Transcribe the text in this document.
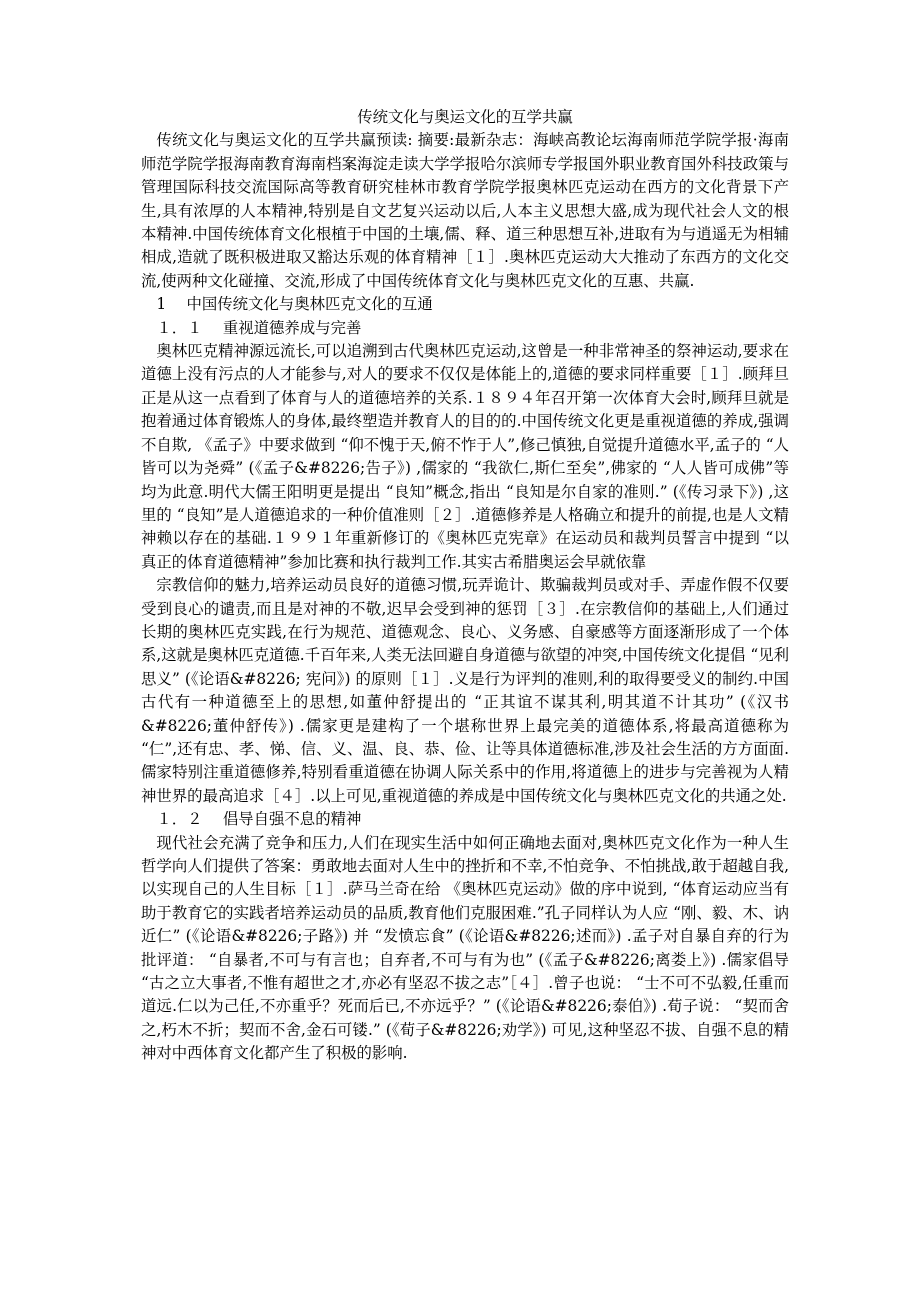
传统文化与奥运文化的互学共赢

传统文化与奥运文化的互学共赢预读: 摘要:最新杂志：海峡高教论坛海南师范学院学报·海南师范学院学报海南教育海南档案海淀走读大学学报哈尔滨师专学报国外职业教育国外科技政策与管理国际科技交流国际高等教育研究桂林市教育学院学报奥林匹克运动在西方的文化背景下产生,具有浓厚的人本精神,特别是自文艺复兴运动以后,人本主义思想大盛,成为现代社会人文的根本精神.中国传统体育文化根植于中国的土壤,儒、释、道三种思想互补,进取有为与逍遥无为相辅相成,造就了既积极进取又豁达乐观的体育精神［１］.奥林匹克运动大大推动了东西方的文化交流,使两种文化碰撞、交流,形成了中国传统体育文化与奥林匹克文化的互惠、共赢.

1　 中国传统文化与奥林匹克文化的互通

１．１　 重视道德养成与完善

奥林匹克精神源远流长,可以追溯到古代奥林匹克运动,这曾是一种非常神圣的祭神运动,要求在道德上没有污点的人才能参与,对人的要求不仅仅是体能上的,道德的要求同样重要［１］.顾拜旦正是从这一点看到了体育与人的道德培养的关系.１８９４年召开第一次体育大会时,顾拜旦就是抱着通过体育锻炼人的身体,最终塑造并教育人的目的的.中国传统文化更是重视道德的养成,强调不自欺, 《孟子》中要求做到 “仰不愧于天,俯不怍于人”,修己慎独,自觉提升道德水平,孟子的 “人皆可以为尧舜” (《孟子&#8226;告子》) ,儒家的 “我欲仁,斯仁至矣”,佛家的 “人人皆可成佛”等均为此意.明代大儒王阳明更是提出 “良知”概念,指出 “良知是尔自家的准则.” (《传习录下》) ,这里的 “良知”是人道德追求的一种价值准则［２］.道德修养是人格确立和提升的前提,也是人文精神赖以存在的基础.１９９１年重新修订的《奥林匹克宪章》在运动员和裁判员誓言中提到 “以真正的体育道德精神”参加比赛和执行裁判工作.其实古希腊奥运会早就依靠

宗教信仰的魅力,培养运动员良好的道德习惯,玩弄诡计、欺骗裁判员或对手、弄虚作假不仅要受到良心的谴责,而且是对神的不敬,迟早会受到神的惩罚［３］.在宗教信仰的基础上,人们通过长期的奥林匹克实践,在行为规范、道德观念、良心、义务感、自豪感等方面逐渐形成了一个体系,这就是奥林匹克道德.千百年来,人类无法回避自身道德与欲望的冲突,中国传统文化提倡 “见利思义” (《论语&#8226; 宪问》) 的原则［１］.义是行为评判的准则,利的取得要受义的制约.中国古代有一种道德至上的思想,如董仲舒提出的 “正其谊不谋其利,明其道不计其功” (《汉书&#8226;董仲舒传》) .儒家更是建构了一个堪称世界上最完美的道德体系,将最高道德称为 “仁”,还有忠、孝、悌、信、义、温、良、恭、俭、让等具体道德标准,涉及社会生活的方方面面.儒家特别注重道德修养,特别看重道德在协调人际关系中的作用,将道德上的进步与完善视为人精神世界的最高追求［４］.以上可见,重视道德的养成是中国传统文化与奥林匹克文化的共通之处.

１．２　 倡导自强不息的精神

现代社会充满了竞争和压力,人们在现实生活中如何正确地去面对,奥林匹克文化作为一种人生哲学向人们提供了答案：勇敢地去面对人生中的挫折和不幸,不怕竞争、不怕挑战,敢于超越自我,以实现自己的人生目标［１］.萨马兰奇在给 《奥林匹克运动》做的序中说到, “体育运动应当有助于教育它的实践者培养运动员的品质,教育他们克服困难.”孔子同样认为人应 “刚、毅、木、讷近仁” (《论语&#8226;子路》) 并 “发愤忘食” (《论语&#8226;述而》) .孟子对自暴自弃的行为批评道： “自暴者,不可与有言也；自弃者,不可与有为也” (《孟子&#8226;离娄上》) .儒家倡导 “古之立大事者,不惟有超世之才,亦必有坚忍不拔之志”［４］.曾子也说： “士不可不弘毅,任重而道远.仁以为己任,不亦重乎？死而后已,不亦远乎？” (《论语&#8226;泰伯》) .荀子说： “契而舍之,朽木不折；契而不舍,金石可镂.” (《荀子&#8226;劝学》) 可见,这种坚忍不拔、自强不息的精神对中西体育文化都产生了积极的影响.
